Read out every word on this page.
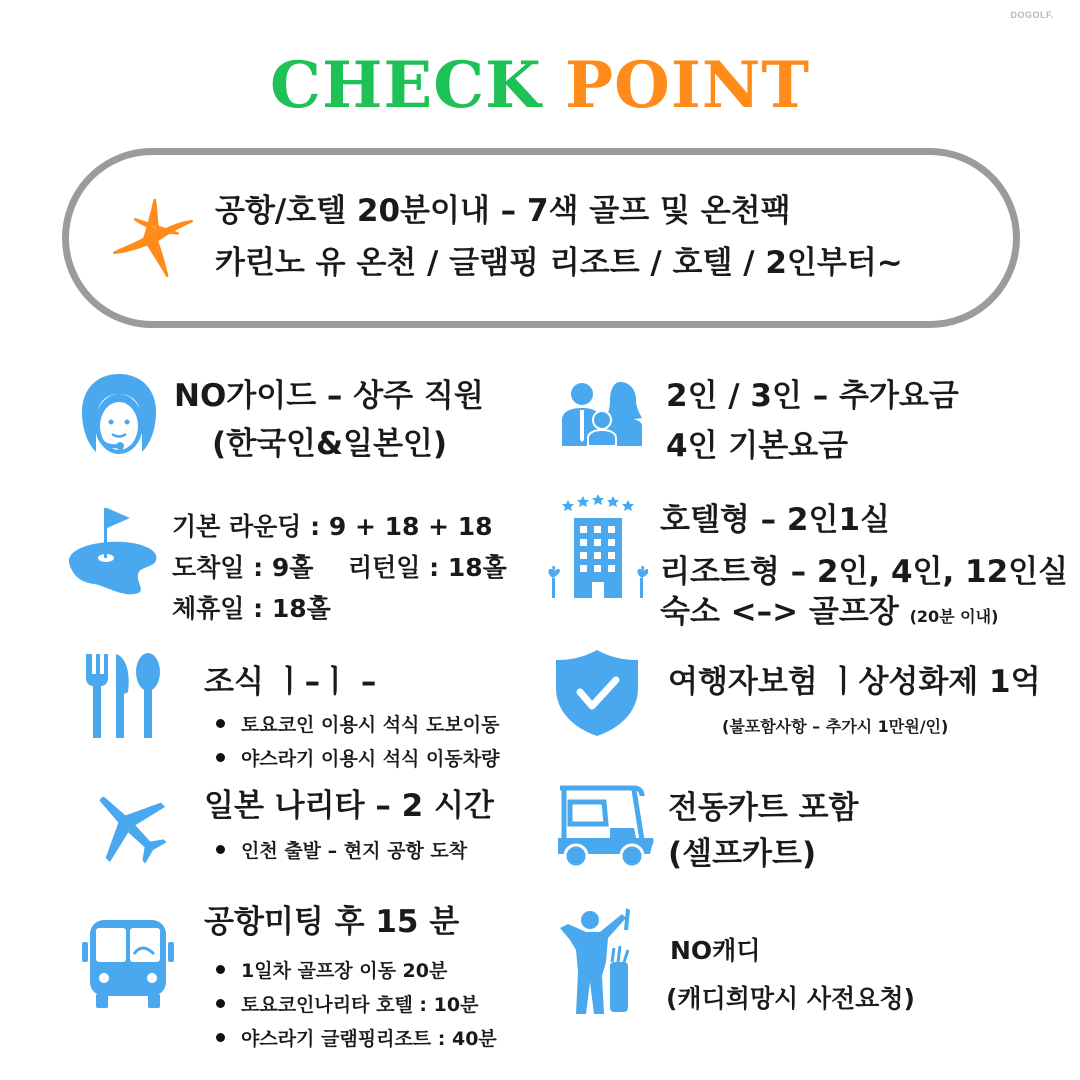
DOGOLF.
CHECK POINT
공항/호텔 20분이내 – 7색 골프 및 온천팩
카린노 유 온천 / 글램핑 리조트 / 호텔 / 2인부터~
NO가이드 – 상주 직원
(한국인&일본인)
기본 라운딩 : 9 + 18 + 18
도착일 : 9홀 리턴일 : 18홀
체휴일 : 18홀
조식 ㅣ–ㅣ –
토요코인 이용시 석식 도보이동
야스라기 이용시 석식 이동차량
일본 나리타 – 2 시간
인천 출발 – 현지 공항 도착
공항미팅 후 15 분
1일차 골프장 이동 20분
토요코인나리타 호텔 : 10분
야스라기 글램핑리조트 : 40분
2인 / 3인 – 추가요금
4인 기본요금
호텔형 – 2인1실
리조트형 – 2인, 4인, 12인실
숙소 <–> 골프장 (20분 이내)
여행자보험 ㅣ상성화제 1억
(불포함사항 – 추가시 1만원/인)
전동카트 포함
(셀프카트)
NO캐디
(캐디희망시 사전요청)
